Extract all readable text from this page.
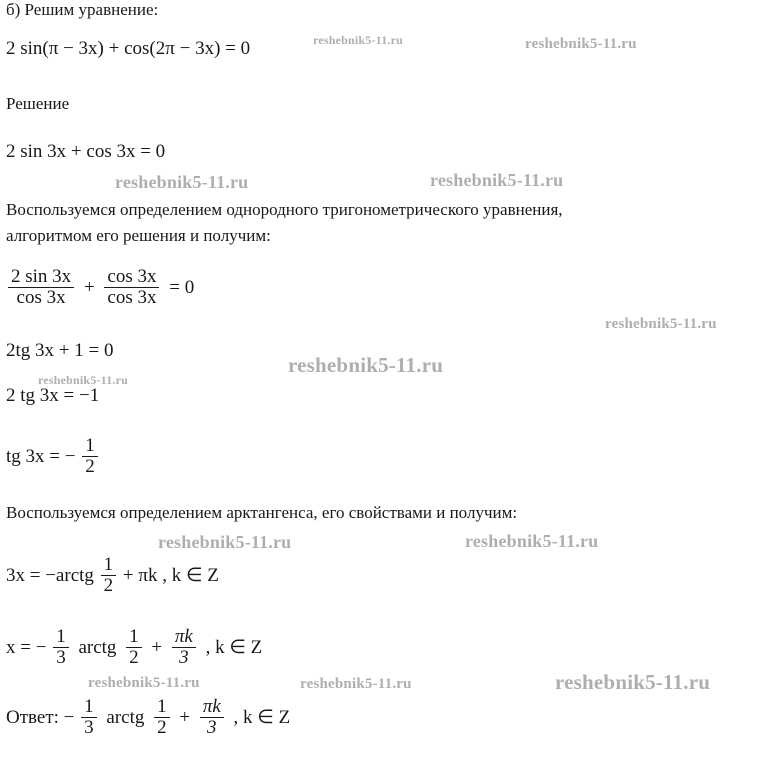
reshebnik5-11.ru	reshebnik5-11.ru
reshebnik5-11.ru	reshebnik5-11.ru
reshebnik5-11.ru
reshebnik5-11.ru
reshebnik5-11.ru
reshebnik5-11.ru	reshebnik5-11.ru
reshebnik5-11.ru	reshebnik5-11.ru	reshebnik5-11.ru
б) Решим уравнение:
2 sin(π − 3x) + cos(2π − 3x) = 0
Решение
2 sin 3x + cos 3x = 0
Воспользуемся определением однородного тригонометрического уравнения,
алгоритмом его решения и получим:
$\frac{2 \sin 3x}{\cos 3x} + \frac{\cos 3x}{\cos 3x} = 0$
2tg 3x + 1 = 0
2 tg 3x = −1
tg 3x = − $\frac{1}{2}$
Воспользуемся определением арктангенса, его свойствами и получим:
3x = −arctg $\frac{1}{2} + \pi k$ , k ∈ Z
x = − $\frac{1}{3}$ arctg $\frac{1}{2} + \frac{\pi k}{3}$ , k ∈ Z
Ответ: − $\frac{1}{3}$ arctg $\frac{1}{2} + \frac{\pi k}{3}$ , k ∈ Z
